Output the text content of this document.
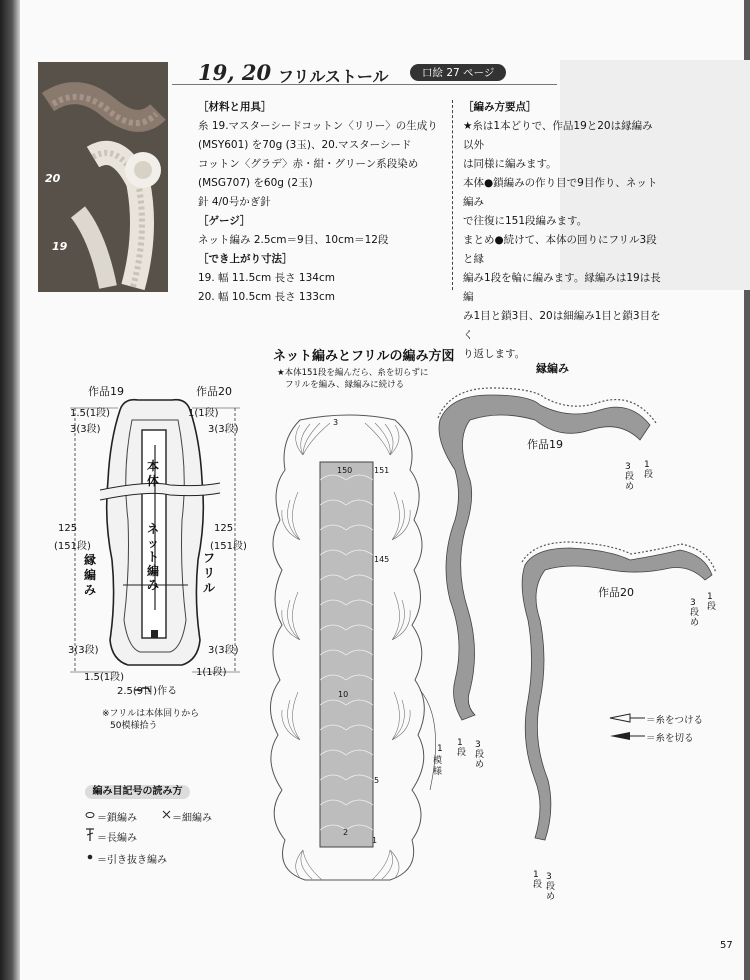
20
19
19, 20 フリルストール	口絵 27 ページ
［材料と用具］
糸 19.マスターシードコットン〈リリー〉の生成り
(MSY601) を70g (3玉)、20.マスターシード
コットン〈グラデ〉赤・紺・グリーン系段染め
(MSG707) を60g (2玉)
針 4/0号かぎ針
［ゲージ］
ネット編み 2.5cm＝9目、10cm＝12段
［でき上がり寸法］
19. 幅 11.5cm 長さ 134cm
20. 幅 10.5cm 長さ 133cm
［編み方要点］
★糸は1本どりで、作品19と20は縁編み以外
は同様に編みます。
本体●鎖編みの作り目で9目作り、ネット編み
で往復に151段編みます。
まとめ●続けて、本体の回りにフリル3段と縁
編み1段を輪に編みます。縁編みは19は長編
み1目と鎖3目、20は細編み1目と鎖3目をく
り返します。
作品19	作品20
1.5(1段)
3(3段)
125
(151段)
3(3段)
1.5(1段)
1(1段)
3(3段)
125
(151段)
3(3段)
1(1段)
本体
ネット編み
縁編み
フリル
2.5(9目)作る
※フリルは本体回りから
50模様拾う
ネット編みとフリルの編み方図
★本体151段を編んだら、糸を切らずに
フリルを編み、縁編みに続ける
3
150	151
145
10
5
2
1
1
模様
縁編み
作品19
作品20
1段
3段め
1段
3段め
1段
3段め
1段
3段め
＝糸をつける
＝糸を切る
編み目記号の読み方
＝鎖編み	＝細編み
＝長編み
＝引き抜き編み
57
